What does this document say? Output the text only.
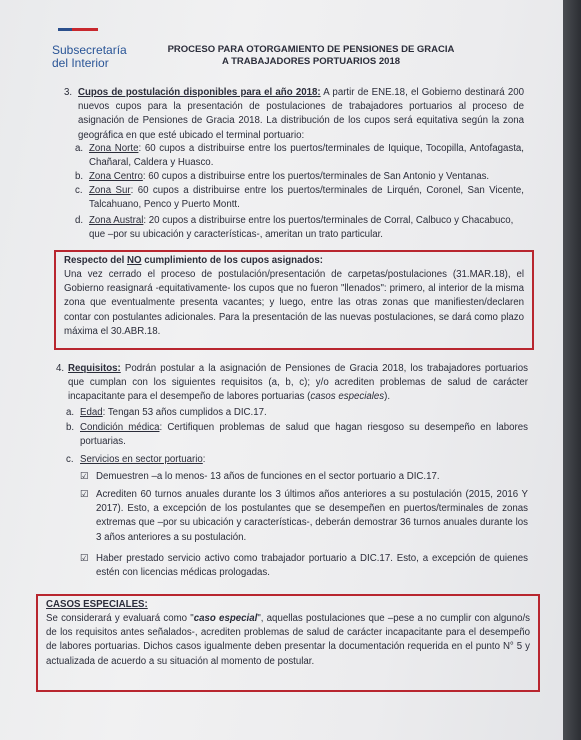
Subsecretaría
del Interior
PROCESO PARA OTORGAMIENTO DE PENSIONES DE GRACIA
A TRABAJADORES PORTUARIOS 2018
3. Cupos de postulación disponibles para el año 2018: A partir de ENE.18, el Gobierno destinará 200 nuevos cupos para la presentación de postulaciones de trabajadores portuarios al proceso de asignación de Pensiones de Gracia 2018. La distribución de los cupos será equitativa según la zona geográfica en que esté ubicado el terminal portuario:
a. Zona Norte: 60 cupos a distribuirse entre los puertos/terminales de Iquique, Tocopilla, Antofagasta, Chañaral, Caldera y Huasco.
b. Zona Centro: 60 cupos a distribuirse entre los puertos/terminales de San Antonio y Ventanas.
c. Zona Sur: 60 cupos a distribuirse entre los puertos/terminales de Lirquén, Coronel, San Vicente, Talcahuano, Penco y Puerto Montt.
d. Zona Austral: 20 cupos a distribuirse entre los puertos/terminales de Corral, Calbuco y Chacabuco, que –por su ubicación y características-, ameritan un trato particular.
Respecto del NO cumplimiento de los cupos asignados:
Una vez cerrado el proceso de postulación/presentación de carpetas/postulaciones (31.MAR.18), el Gobierno reasignará -equitativamente- los cupos que no fueron "llenados": primero, al interior de la misma zona que eventualmente presenta vacantes; y luego, entre las otras zonas que manifiesten/declaren contar con postulantes adicionales. Para la presentación de las nuevas postulaciones, se dará como plazo máxima el 30.ABR.18.
4. Requisitos: Podrán postular a la asignación de Pensiones de Gracia 2018, los trabajadores portuarios que cumplan con los siguientes requisitos (a, b, c); y/o acrediten problemas de salud de carácter incapacitante para el desempeño de labores portuarias (casos especiales).
a. Edad: Tengan 53 años cumplidos a DIC.17.
b. Condición médica: Certifiquen problemas de salud que hagan riesgoso su desempeño en labores portuarias.
c. Servicios en sector portuario:
☑ Demuestren –a lo menos- 13 años de funciones en el sector portuario a DIC.17.
☑ Acrediten 60 turnos anuales durante los 3 últimos años anteriores a su postulación (2015, 2016 Y 2017). Esto, a excepción de los postulantes que se desempeñen en puertos/terminales de zonas extremas que –por su ubicación y características-, deberán demostrar 36 turnos anuales durante los 3 años anteriores a su postulación.
☑ Haber prestado servicio activo como trabajador portuario a DIC.17. Esto, a excepción de quienes estén con licencias médicas prologadas.
CASOS ESPECIALES:
Se considerará y evaluará como "caso especial", aquellas postulaciones que –pese a no cumplir con alguno/s de los requisitos antes señalados-, acrediten problemas de salud de carácter incapacitante para el desempeño de labores portuarias. Dichos casos igualmente deben presentar la documentación requerida en el punto N° 5 y actualizada de acuerdo a su situación al momento de postular.
